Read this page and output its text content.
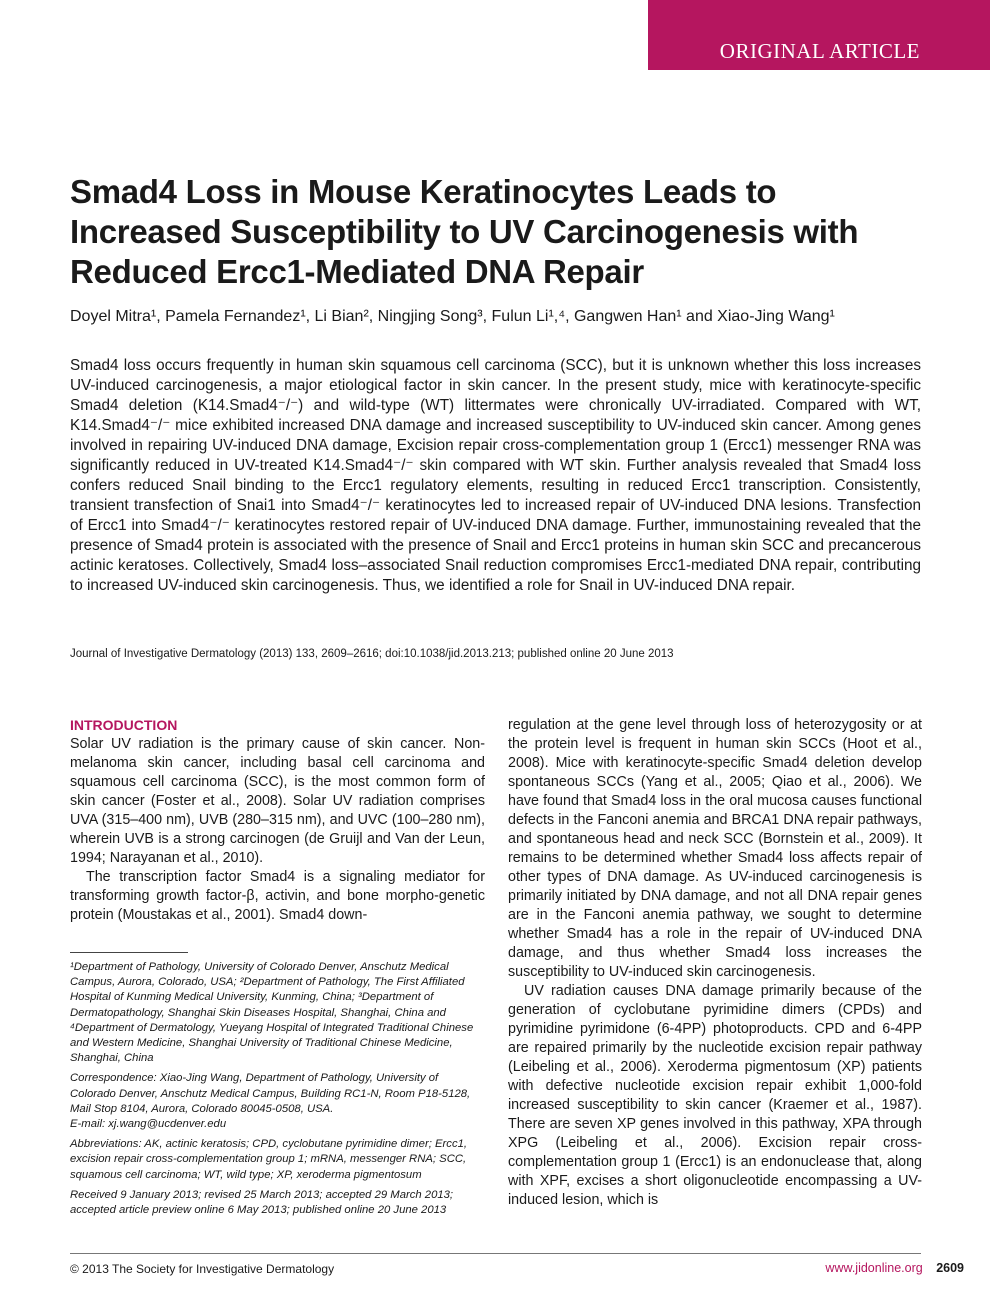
ORIGINAL ARTICLE
Smad4 Loss in Mouse Keratinocytes Leads to Increased Susceptibility to UV Carcinogenesis with Reduced Ercc1-Mediated DNA Repair
Doyel Mitra¹, Pamela Fernandez¹, Li Bian², Ningjing Song³, Fulun Li¹,⁴, Gangwen Han¹ and Xiao-Jing Wang¹

Smad4 loss occurs frequently in human skin squamous cell carcinoma (SCC), but it is unknown whether this loss increases UV-induced carcinogenesis, a major etiological factor in skin cancer. In the present study, mice with keratinocyte-specific Smad4 deletion (K14.Smad4⁻/⁻) and wild-type (WT) littermates were chronically UV-irradiated. Compared with WT, K14.Smad4⁻/⁻ mice exhibited increased DNA damage and increased susceptibility to UV-induced skin cancer. Among genes involved in repairing UV-induced DNA damage, Excision repair cross-complementation group 1 (Ercc1) messenger RNA was significantly reduced in UV-treated K14.Smad4⁻/⁻ skin compared with WT skin. Further analysis revealed that Smad4 loss confers reduced Snail binding to the Ercc1 regulatory elements, resulting in reduced Ercc1 transcription. Consistently, transient transfection of Snai1 into Smad4⁻/⁻ keratinocytes led to increased repair of UV-induced DNA lesions. Transfection of Ercc1 into Smad4⁻/⁻ keratinocytes restored repair of UV-induced DNA damage. Further, immunostaining revealed that the presence of Smad4 protein is associated with the presence of Snail and Ercc1 proteins in human skin SCC and precancerous actinic keratoses. Collectively, Smad4 loss–associated Snail reduction compromises Ercc1-mediated DNA repair, contributing to increased UV-induced skin carcinogenesis. Thus, we identified a role for Snail in UV-induced DNA repair.

Journal of Investigative Dermatology (2013) 133, 2609–2616; doi:10.1038/jid.2013.213; published online 20 June 2013

INTRODUCTION

Solar UV radiation is the primary cause of skin cancer. Non-melanoma skin cancer, including basal cell carcinoma and squamous cell carcinoma (SCC), is the most common form of skin cancer (Foster et al., 2008). Solar UV radiation comprises UVA (315–400 nm), UVB (280–315 nm), and UVC (100–280 nm), wherein UVB is a strong carcinogen (de Gruijl and Van der Leun, 1994; Narayanan et al., 2010).

The transcription factor Smad4 is a signaling mediator for transforming growth factor-β, activin, and bone morpho-genetic protein (Moustakas et al., 2001). Smad4 down-

¹Department of Pathology, University of Colorado Denver, Anschutz Medical Campus, Aurora, Colorado, USA; ²Department of Pathology, The First Affiliated Hospital of Kunming Medical University, Kunming, China; ³Department of Dermatopathology, Shanghai Skin Diseases Hospital, Shanghai, China and ⁴Department of Dermatology, Yueyang Hospital of Integrated Traditional Chinese and Western Medicine, Shanghai University of Traditional Chinese Medicine, Shanghai, China

Correspondence: Xiao-Jing Wang, Department of Pathology, University of Colorado Denver, Anschutz Medical Campus, Building RC1-N, Room P18-5128, Mail Stop 8104, Aurora, Colorado 80045-0508, USA.
E-mail: xj.wang@ucdenver.edu

Abbreviations: AK, actinic keratosis; CPD, cyclobutane pyrimidine dimer; Ercc1, excision repair cross-complementation group 1; mRNA, messenger RNA; SCC, squamous cell carcinoma; WT, wild type; XP, xeroderma pigmentosum

Received 9 January 2013; revised 25 March 2013; accepted 29 March 2013; accepted article preview online 6 May 2013; published online 20 June 2013

regulation at the gene level through loss of heterozygosity or at the protein level is frequent in human skin SCCs (Hoot et al., 2008). Mice with keratinocyte-specific Smad4 deletion develop spontaneous SCCs (Yang et al., 2005; Qiao et al., 2006). We have found that Smad4 loss in the oral mucosa causes functional defects in the Fanconi anemia and BRCA1 DNA repair pathways, and spontaneous head and neck SCC (Bornstein et al., 2009). It remains to be determined whether Smad4 loss affects repair of other types of DNA damage. As UV-induced carcinogenesis is primarily initiated by DNA damage, and not all DNA repair genes are in the Fanconi anemia pathway, we sought to determine whether Smad4 has a role in the repair of UV-induced DNA damage, and thus whether Smad4 loss increases the susceptibility to UV-induced skin carcinogenesis.

UV radiation causes DNA damage primarily because of the generation of cyclobutane pyrimidine dimers (CPDs) and pyrimidine pyrimidone (6-4PP) photoproducts. CPD and 6-4PP are repaired primarily by the nucleotide excision repair pathway (Leibeling et al., 2006). Xeroderma pigmentosum (XP) patients with defective nucleotide excision repair exhibit 1,000-fold increased susceptibility to skin cancer (Kraemer et al., 1987). There are seven XP genes involved in this pathway, XPA through XPG (Leibeling et al., 2006). Excision repair cross-complementation group 1 (Ercc1) is an endonuclease that, along with XPF, excises a short oligonucleotide encompassing a UV-induced lesion, which is

© 2013 The Society for Investigative Dermatology	www.jidonline.org 2609
